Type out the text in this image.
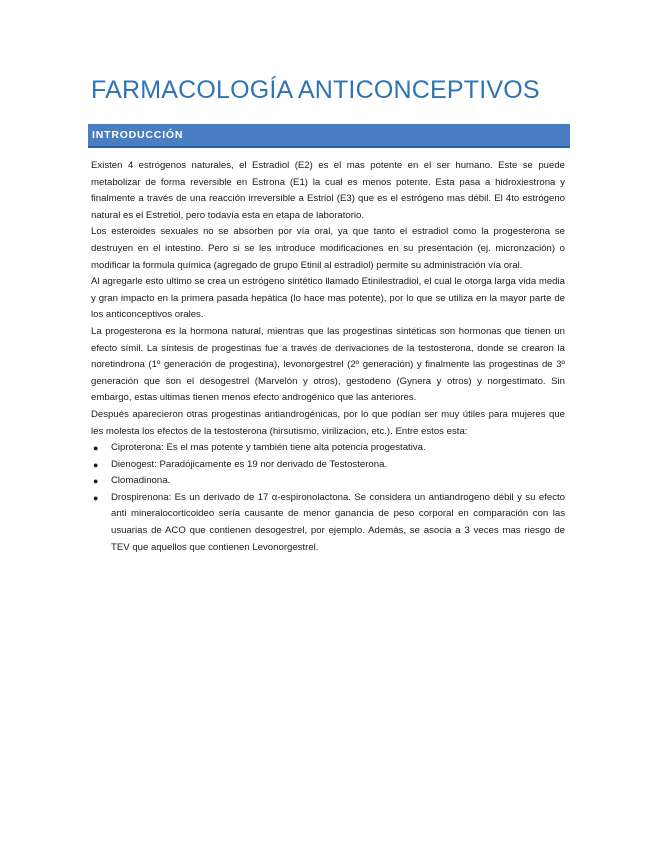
FARMACOLOGÍA ANTICONCEPTIVOS
INTRODUCCIÓN

Existen 4 estrógenos naturales, el Estradiol (E2) es el mas potente en el ser humano. Este se puede metabolizar de forma reversible en Estrona (E1) la cual es menos potente. Esta pasa a hidroxiestrona y finalmente a través de una reacción irreversible a Estriol (E3) que es el estrógeno mas débil. El 4to estrógeno natural es el Estretiol, pero todavía esta en etapa de laboratorio.

Los esteroides sexuales no se absorben por vía oral, ya que tanto el estradiol como la progesterona se destruyen en el intestino. Pero si se les introduce modificaciones en su presentación (ej. micronzación) o modificar la formula química (agregado de grupo Etinil al estradiol) permite su administración vía oral.

Al agregarle esto ultimo se crea un estrógeno sintético llamado Etinilestradiol, el cual le otorga larga vida media y gran impacto en la primera pasada hepática (lo hace mas potente), por lo que se utiliza en la mayor parte de los anticonceptivos orales.

La progesterona es la hormona natural, mientras que las progestinas sintéticas son hormonas que tienen un efecto símil. La síntesis de progestinas fue a través de derivaciones de la testosterona, donde se crearon la noretindrona (1º generación de progestina), levonorgestrel (2º generación) y finalmente las progestinas de 3º generación que son el desogestrel (Marvelón y otros), gestodeno (Gynera y otros) y norgestimato. Sin embargo, estas ultimas tienen menos efecto androgénico que las anteriores.

Después aparecieron otras progestinas antiandrogénicas, por lo que podían ser muy útiles para mujeres que les molesta los efectos de la testosterona (hirsutismo, virilizacion, etc.). Entre estos esta:

● Ciproterona: Es el mas potente y también tiene alta potencia progestativa.
● Dienogest: Paradójicamente es 19 nor derivado de Testosterona.
● Clomadinona.
● Drospirenona: Es un derivado de 17 α-espironolactona. Se considera un antiandrogeno débil y su efecto anti mineralocorticoideo sería causante de menor ganancia de peso corporal en comparación con las usuarias de ACO que contienen desogestrel, por ejemplo. Además, se asocia a 3 veces mas riesgo de TEV que aquellos que contienen Levonorgestrel.
